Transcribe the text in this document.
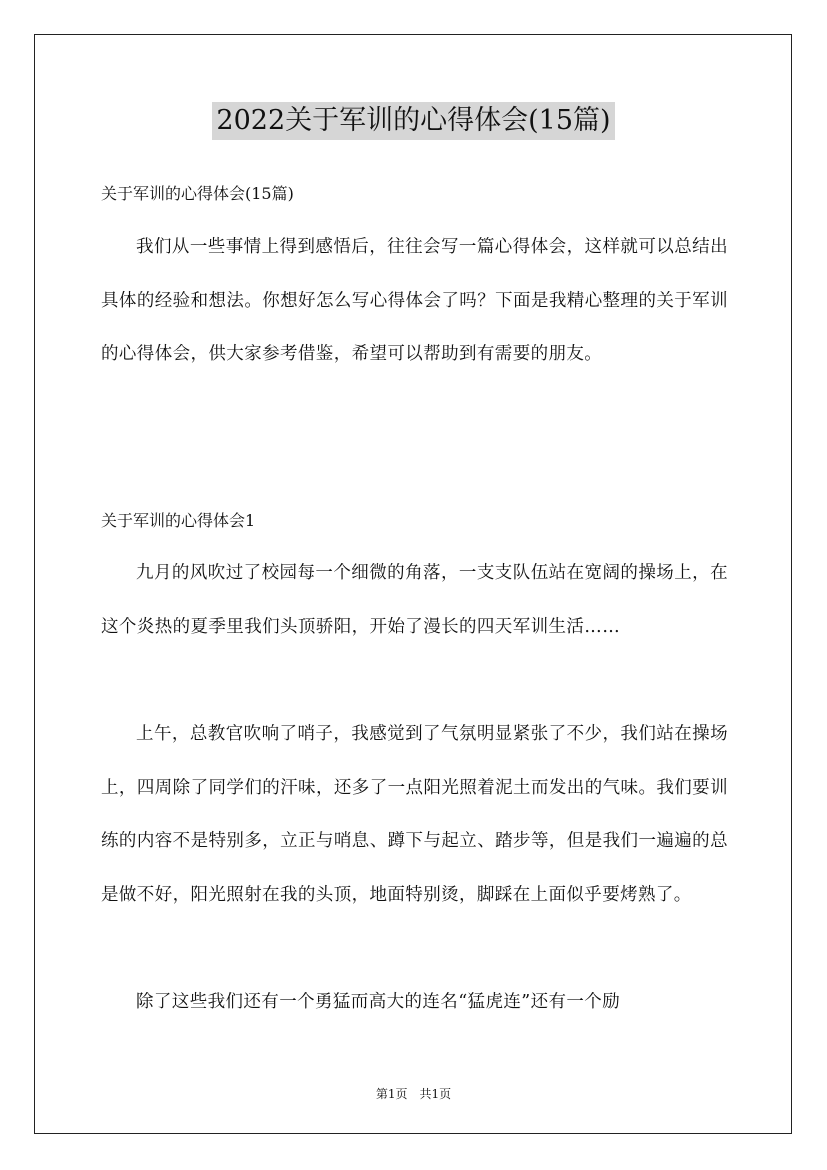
2022关于军训的心得体会(15篇)
关于军训的心得体会(15篇)

我们从一些事情上得到感悟后，往往会写一篇心得体会，这样就可以总结出具体的经验和想法。你想好怎么写心得体会了吗？下面是我精心整理的关于军训的心得体会，供大家参考借鉴，希望可以帮助到有需要的朋友。

关于军训的心得体会1

九月的风吹过了校园每一个细微的角落，一支支队伍站在宽阔的操场上，在这个炎热的夏季里我们头顶骄阳，开始了漫长的四天军训生活……

上午，总教官吹响了哨子，我感觉到了气氛明显紧张了不少，我们站在操场上，四周除了同学们的汗味，还多了一点阳光照着泥土而发出的气味。我们要训练的内容不是特别多，立正与哨息、蹲下与起立、踏步等，但是我们一遍遍的总是做不好，阳光照射在我的头顶，地面特别烫，脚踩在上面似乎要烤熟了。

除了这些我们还有一个勇猛而高大的连名“猛虎连”还有一个励

第1页　共1页
